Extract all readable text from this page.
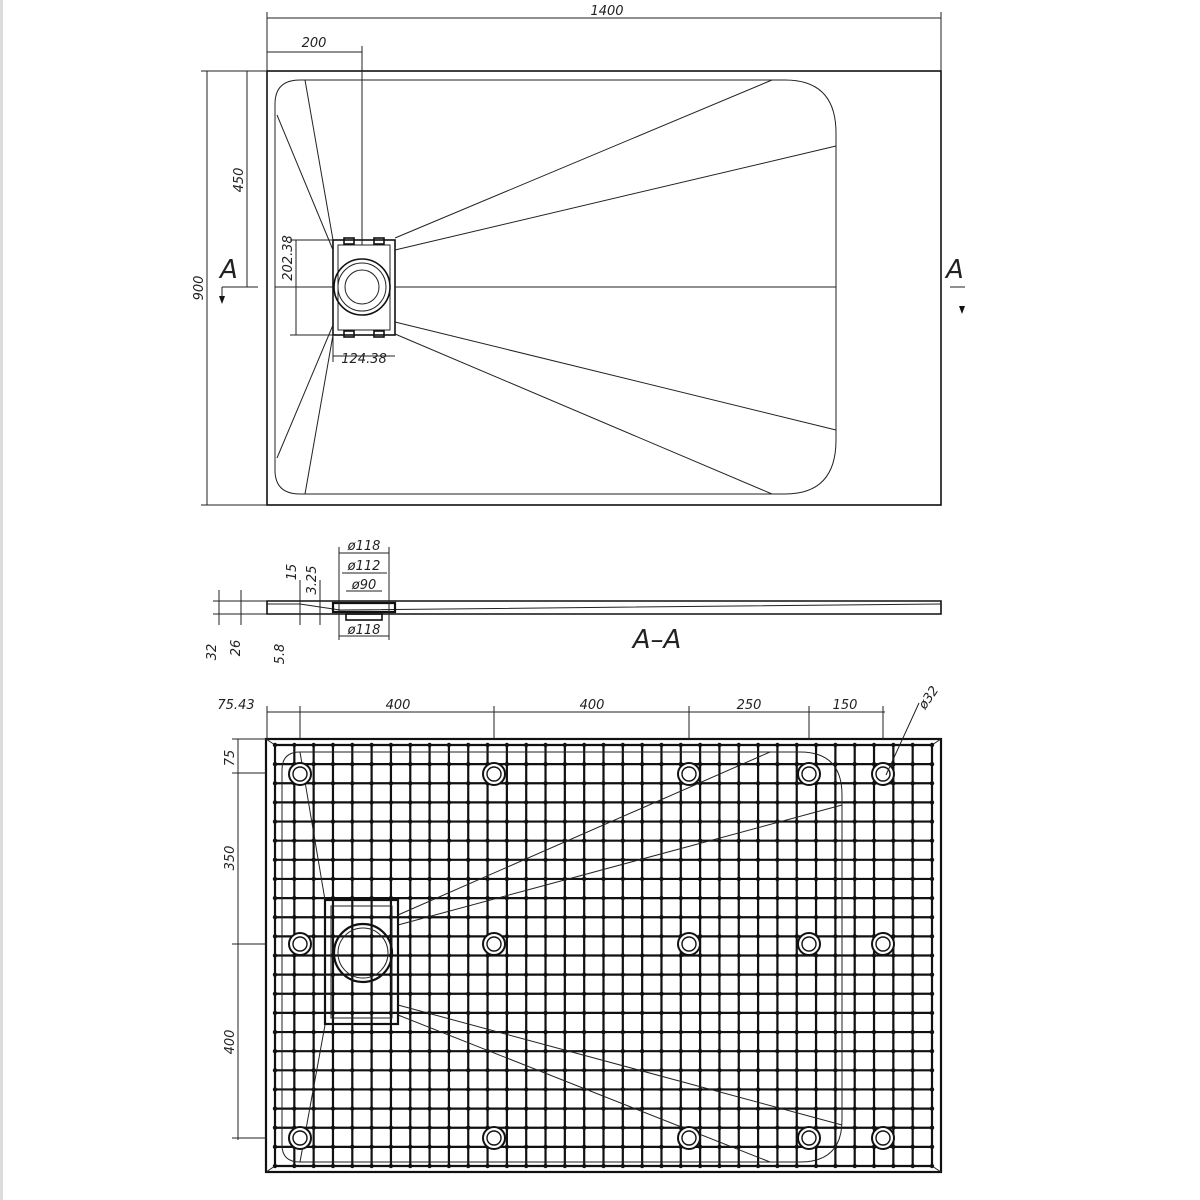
1400
200
900
450
202.38
124.38
A	A
ø118
ø112
ø90
ø118
32 26 5.8
15 3.25
A–A
75.43	400	400	250	150	ø32
75
350
400
